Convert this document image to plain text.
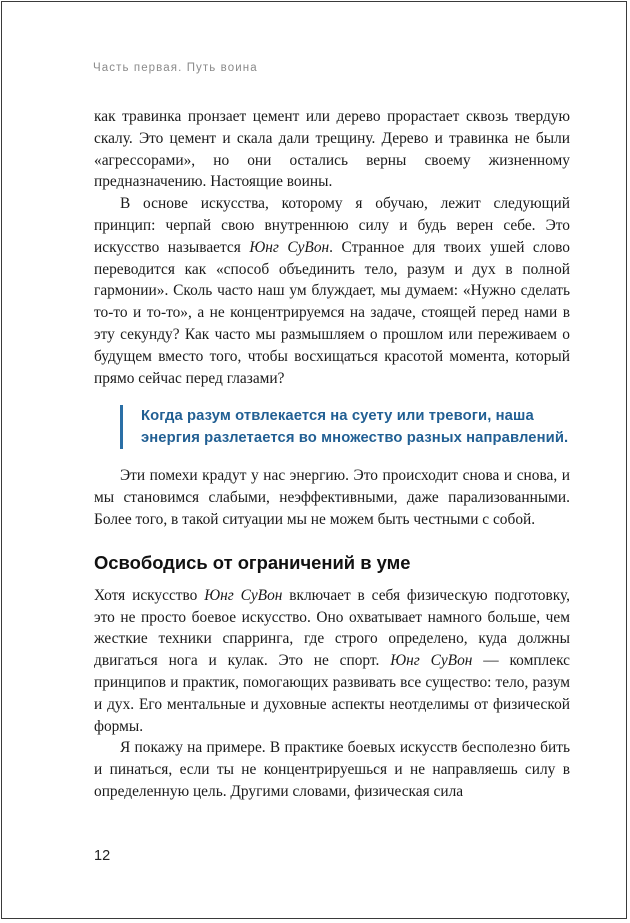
Часть первая. Путь воина

как травинка пронзает цемент или дерево прорастает сквозь твердую скалу. Это цемент и скала дали трещину. Дерево и травинка не были «агрессорами», но они остались верны своему жизненному предназначению. Настоящие воины.

В основе искусства, которому я обучаю, лежит следующий принцип: черпай свою внутреннюю силу и будь верен себе. Это искусство называется Юнг СуВон. Странное для твоих ушей слово переводится как «способ объединить тело, разум и дух в полной гармонии». Сколь часто наш ум блуждает, мы думаем: «Нужно сделать то-то и то-то», а не концентрируемся на задаче, стоящей перед нами в эту секунду? Как часто мы размышляем о прошлом или переживаем о будущем вместо того, чтобы восхищаться красотой момента, который прямо сейчас перед глазами?

Когда разум отвлекается на суету или тревоги, наша энергия разлетается во множество разных направлений.

Эти помехи крадут у нас энергию. Это происходит снова и снова, и мы становимся слабыми, неэффективными, даже парализованными. Более того, в такой ситуации мы не можем быть честными с собой.

Освободись от ограничений в уме

Хотя искусство Юнг СуВон включает в себя физическую подготовку, это не просто боевое искусство. Оно охватывает намного больше, чем жесткие техники спарринга, где строго определено, куда должны двигаться нога и кулак. Это не спорт. Юнг СуВон — комплекс принципов и практик, помогающих развивать все существо: тело, разум и дух. Его ментальные и духовные аспекты неотделимы от физической формы.

Я покажу на примере. В практике боевых искусств бесполезно бить и пинаться, если ты не концентрируешься и не направляешь силу в определенную цель. Другими словами, физическая сила

12
